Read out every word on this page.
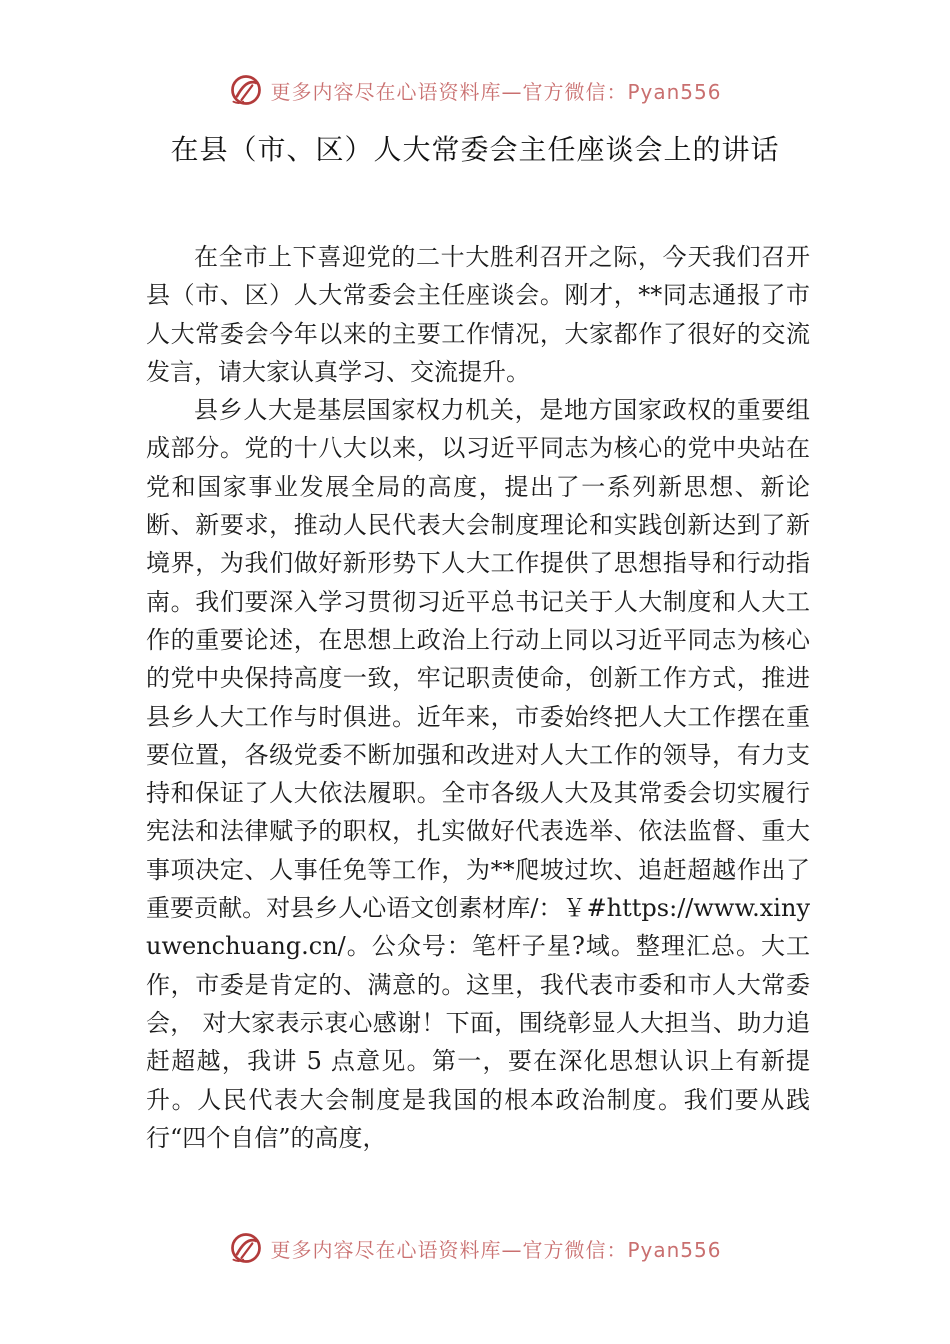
更多内容尽在心语资料库—官方微信：Pyan556
在县（市、区）人大常委会主任座谈会上的讲话

在全市上下喜迎党的二十大胜利召开之际，今天我们召开县（市、区）人大常委会主任座谈会。刚才，**同志通报了市人大常委会今年以来的主要工作情况，大家都作了很好的交流发言，请大家认真学习、交流提升。

县乡人大是基层国家权力机关，是地方国家政权的重要组成部分。党的十八大以来，以习近平同志为核心的党中央站在党和国家事业发展全局的高度，提出了一系列新思想、新论断、新要求，推动人民代表大会制度理论和实践创新达到了新境界，为我们做好新形势下人大工作提供了思想指导和行动指南。我们要深入学习贯彻习近平总书记关于人大制度和人大工作的重要论述，在思想上政治上行动上同以习近平同志为核心的党中央保持高度一致，牢记职责使命，创新工作方式，推进县乡人大工作与时俱进。近年来，市委始终把人大工作摆在重要位置，各级党委不断加强和改进对人大工作的领导，有力支持和保证了人大依法履职。全市各级人大及其常委会切实履行宪法和法律赋予的职权，扎实做好代表选举、依法监督、重大事项决定、人事任免等工作，为**爬坡过坎、追赶超越作出了重要贡献。对县乡人心语文创素材库/：￥#https://www.xinyuwenchuang.cn/。公众号：笔杆子星?域。整理汇总。大工作，市委是肯定的、满意的。这里，我代表市委和市人大常委会， 对大家表示衷心感谢！下面，围绕彰显人大担当、助力追赶超越，我讲 5 点意见。第一，要在深化思想认识上有新提升。人民代表大会制度是我国的根本政治制度。我们要从践行“四个自信”的高度，

更多内容尽在心语资料库—官方微信：Pyan556
